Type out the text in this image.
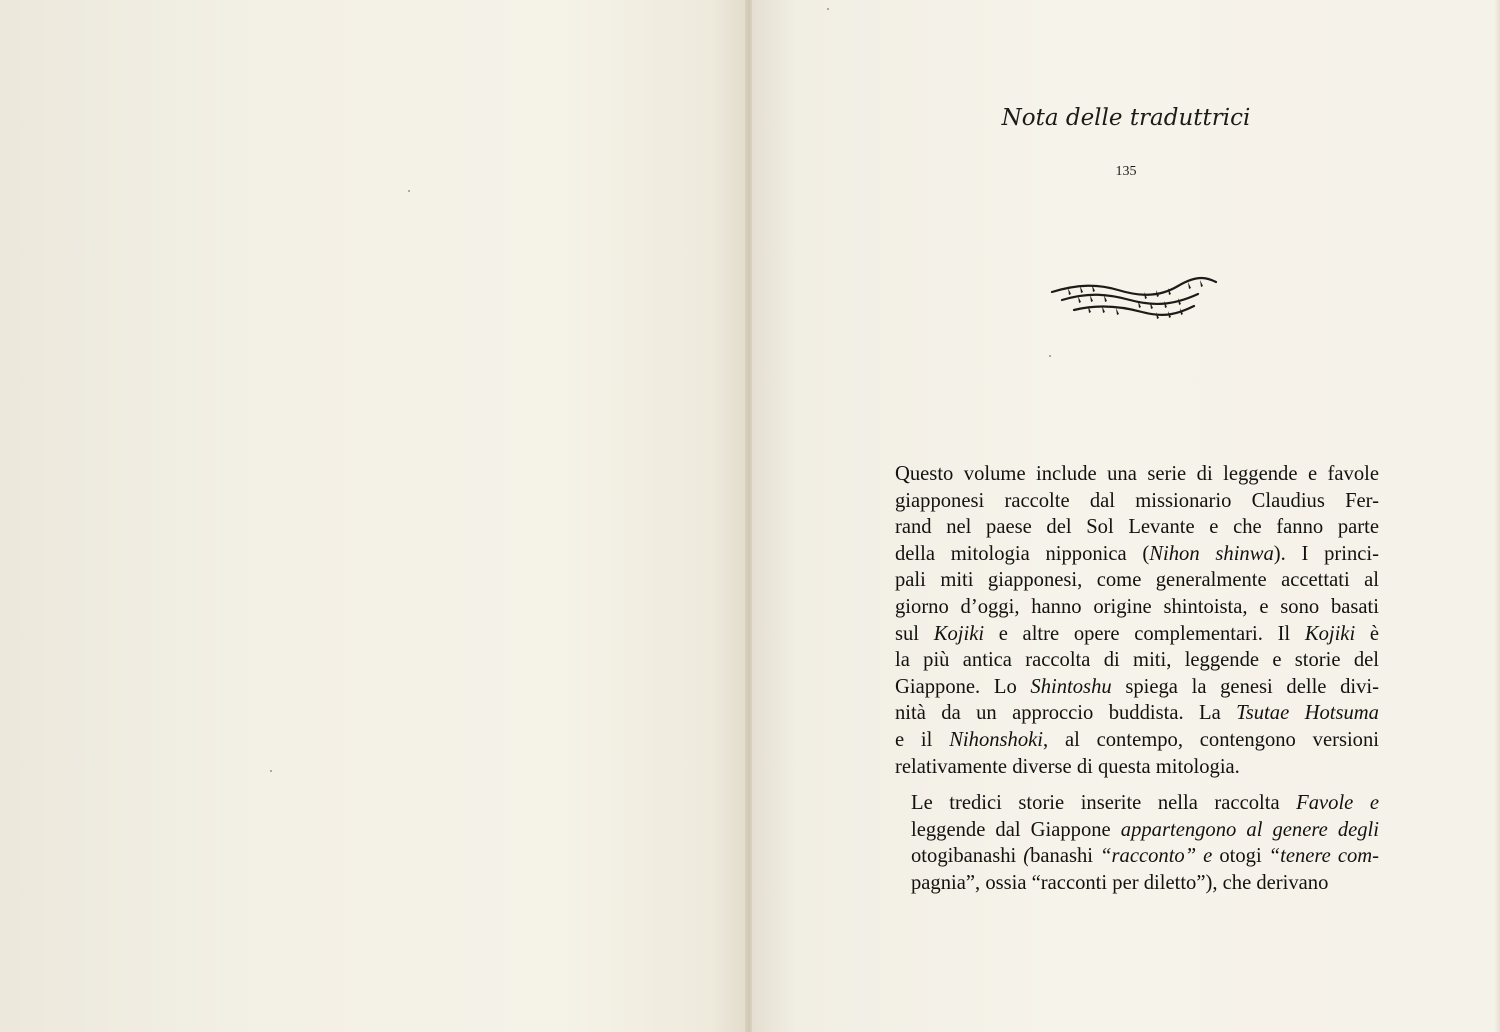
Nota delle traduttrici
135

Questo volume include una serie di leggende e favole
giapponesi raccolte dal missionario Claudius Fer-
rand nel paese del Sol Levante e che fanno parte
della mitologia nipponica (Nihon shinwa). I princi-
pali miti giapponesi, come generalmente accettati al
giorno d’oggi, hanno origine shintoista, e sono basati
sul Kojiki e altre opere complementari. Il Kojiki è
la più antica raccolta di miti, leggende e storie del
Giappone. Lo Shintoshu spiega la genesi delle divi-
nità da un approccio buddista. La Tsutae Hotsuma
e il Nihonshoki, al contempo, contengono versioni
relativamente diverse di questa mitologia.

Le tredici storie inserite nella raccolta Favole e
leggende dal Giappone appartengono al genere degli
otogibanashi (banashi “racconto” e otogi “tenere com-
pagnia”, ossia “racconti per diletto”), che derivano
